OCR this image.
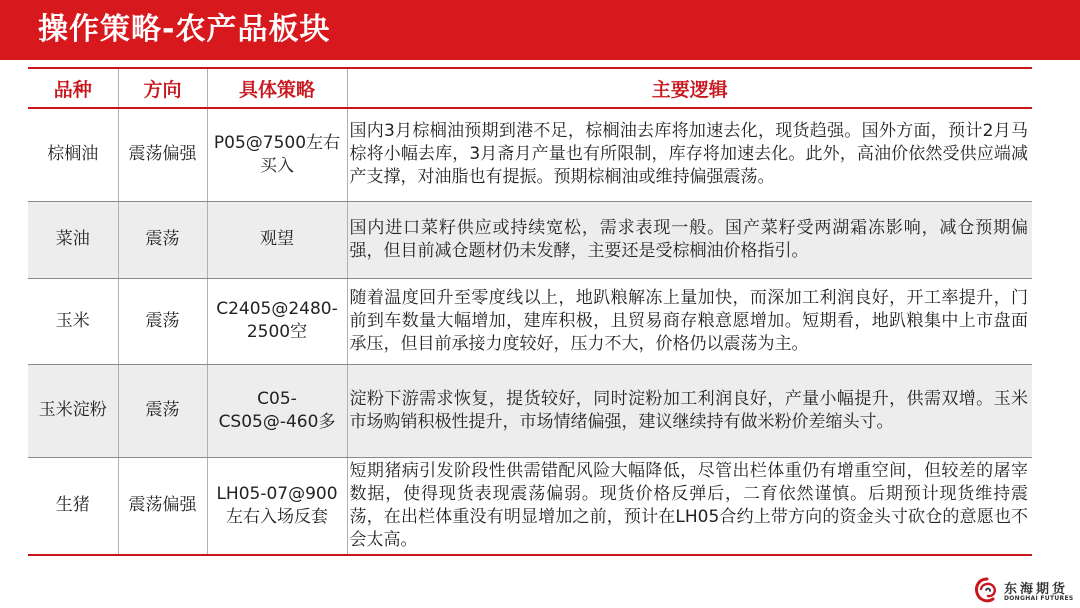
操作策略-农产品板块
品种	方向	具体策略	主要逻辑
棕榈油	震荡偏强	P05@7500左右买入	国内3月棕榈油预期到港不足，棕榈油去库将加速去化，现货趋强。国外方面，预计2月马棕将小幅去库，3月斋月产量也有所限制，库存将加速去化。此外，高油价依然受供应端减产支撑，对油脂也有提振。预期棕榈油或维持偏强震荡。
菜油	震荡	观望	国内进口菜籽供应或持续宽松，需求表现一般。国产菜籽受两湖霜冻影响，减仓预期偏强，但目前减仓题材仍未发酵，主要还是受棕榈油价格指引。
玉米	震荡	C2405@2480-2500空	随着温度回升至零度线以上，地趴粮解冻上量加快，而深加工利润良好，开工率提升，门前到车数量大幅增加，建库积极，且贸易商存粮意愿增加。短期看，地趴粮集中上市盘面承压，但目前承接力度较好，压力不大，价格仍以震荡为主。
玉米淀粉	震荡	C05-CS05@-460多	淀粉下游需求恢复，提货较好，同时淀粉加工利润良好，产量小幅提升，供需双增。玉米市场购销积极性提升，市场情绪偏强，建议继续持有做米粉价差缩头寸。
生猪	震荡偏强	LH05-07@900左右入场反套	短期猪病引发阶段性供需错配风险大幅降低，尽管出栏体重仍有增重空间，但较差的屠宰数据，使得现货表现震荡偏弱。现货价格反弹后，二育依然谨慎。后期预计现货维持震荡，在出栏体重没有明显增加之前，预计在LH05合约上带方向的资金头寸砍仓的意愿也不会太高。
东海期货
DONGHAI FUTURES
